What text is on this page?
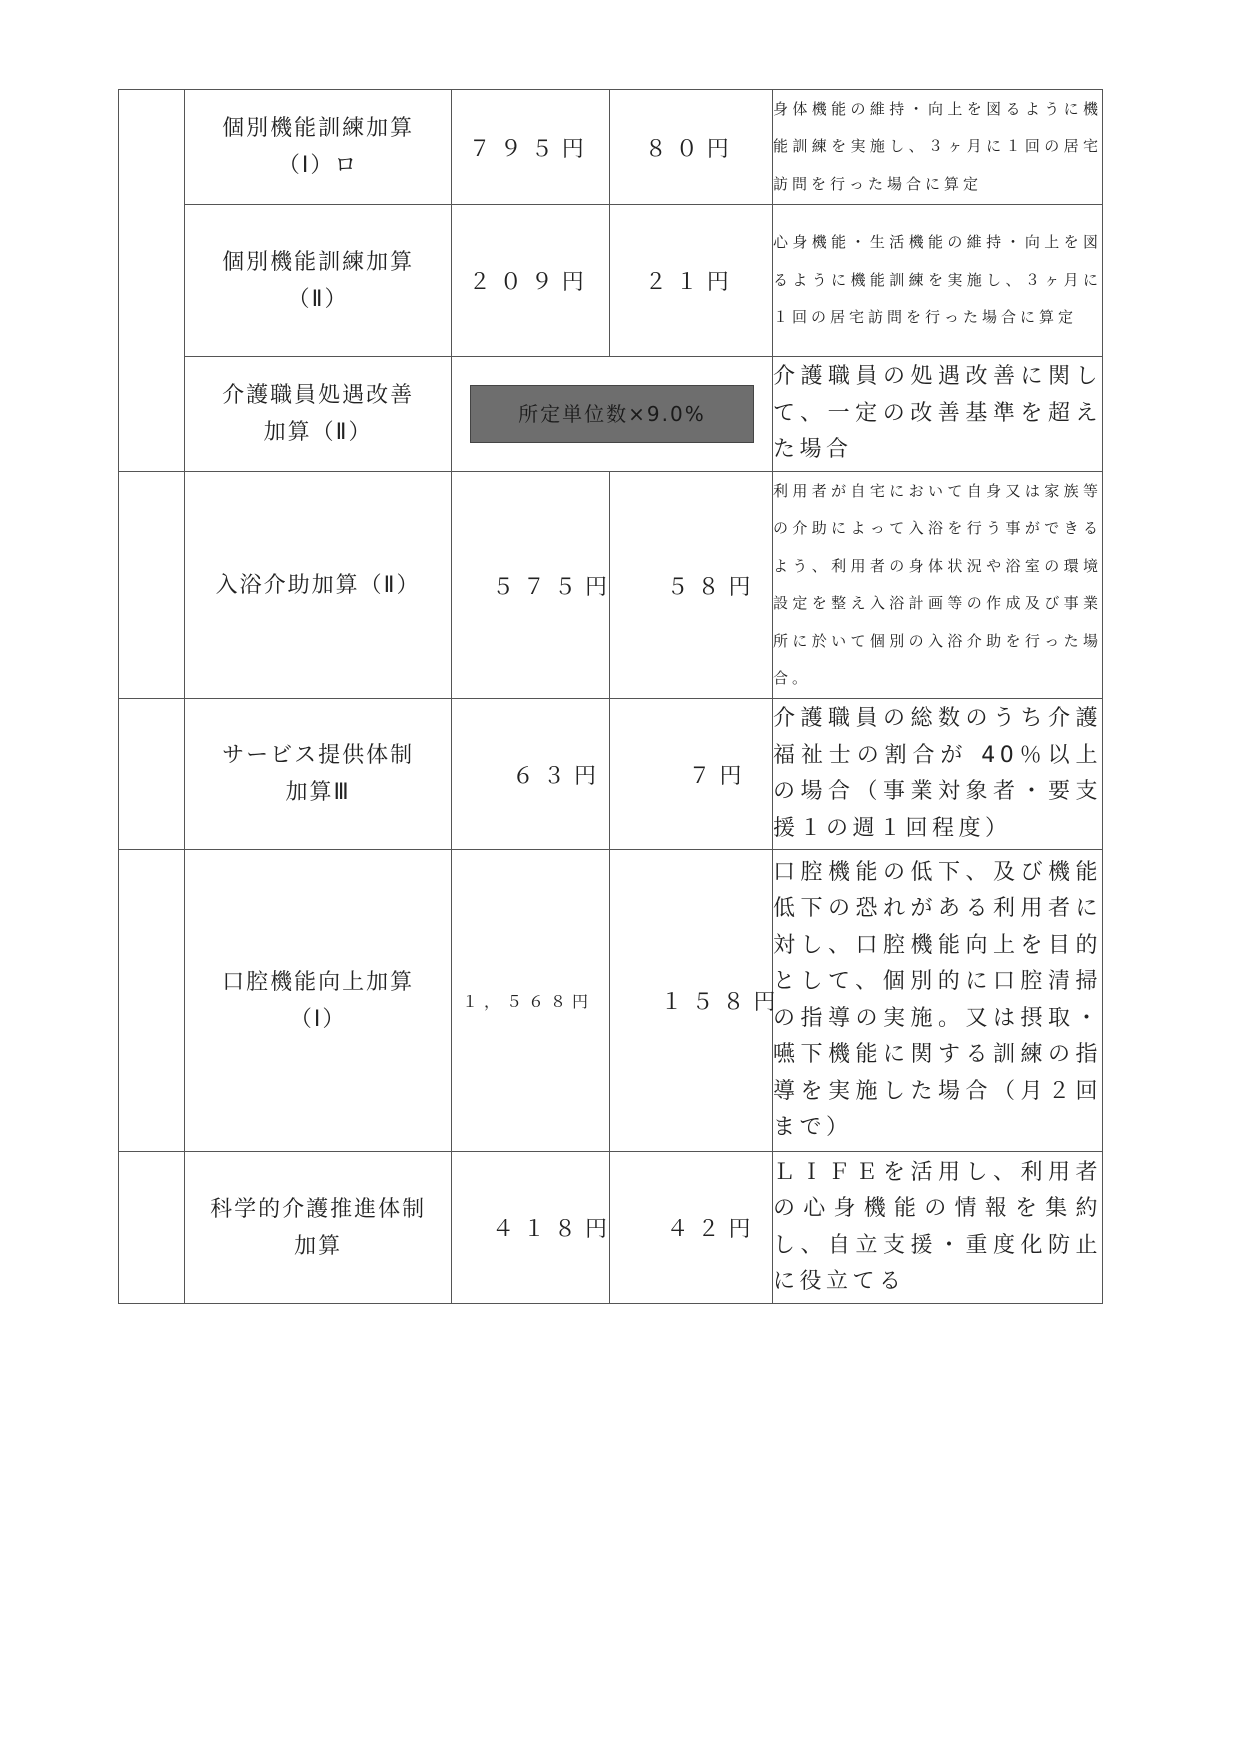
	個別機能訓練加算
（Ⅰ）ロ	７９５円	８０円	身体機能の維持・向上を図るように機能訓練を実施し、３ヶ月に１回の居宅訪問を行った場合に算定

	個別機能訓練加算
（Ⅱ）	２０９円	２１円	心身機能・生活機能の維持・向上を図るように機能訓練を実施し、３ヶ月に１回の居宅訪問を行った場合に算定

	介護職員処遇改善
加算（Ⅱ）	所定単位数×9.0%		介護職員の処遇改善に関して、一定の改善基準を超えた場合

	入浴介助加算（Ⅱ）	５７５円	５８円	利用者が自宅において自身又は家族等の介助によって入浴を行う事ができるよう、利用者の身体状況や浴室の環境設定を整え入浴計画等の作成及び事業所に於いて個別の入浴介助を行った場合。

	サービス提供体制
加算Ⅲ	６３円	７円	介護職員の総数のうち介護福祉士の割合が 40％以上の場合（事業対象者・要支援１の週１回程度）

	口腔機能向上加算
（Ⅰ）	１，５６８円	１５８円	口腔機能の低下、及び機能低下の恐れがある利用者に対し、口腔機能向上を目的として、個別的に口腔清掃の指導の実施。又は摂取・嚥下機能に関する訓練の指導を実施した場合（月２回まで）

	科学的介護推進体制
加算	４１８円	４２円	ＬＩＦＥを活用し、利用者の心身機能の情報を集約し、自立支援・重度化防止に役立てる
